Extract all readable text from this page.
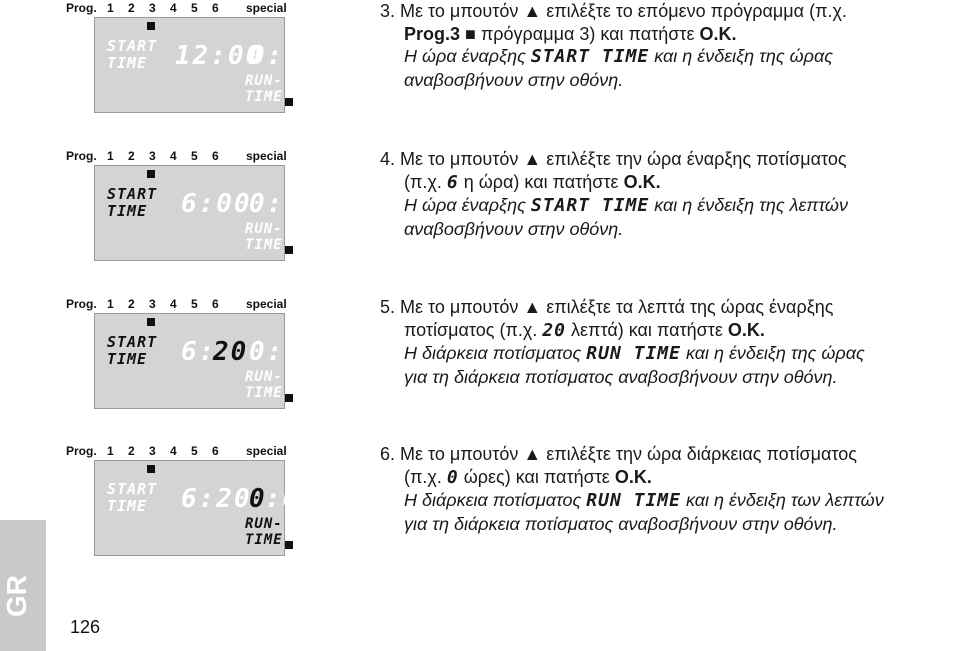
Prog. 1 2 3 4 5 6 special
START
TIME 12:00
0:00
RUN-TIME

3. Με το μπουτόν ▲ επιλέξτε το επόμενο πρόγραμμα (π.χ.

Prog.3 ■ πρόγραμμα 3) και πατήστε O.K.

Η ώρα έναρξης START TIME και η ένδειξη της ώρας

αναβοσβήνουν στην οθόνη.

Prog. 1 2 3 4 5 6 special
START
TIME 6:00
0:00
RUN-TIME

4. Με το μπουτόν ▲ επιλέξτε την ώρα έναρξης ποτίσματος

(π.χ. 6 η ώρα) και πατήστε O.K.

Η ώρα έναρξης START TIME και η ένδειξη της λεπτών

αναβοσβήνουν στην οθόνη.

Prog. 1 2 3 4 5 6 special
START
TIME 6:
20 0:00
RUN-TIME

5. Με το μπουτόν ▲ επιλέξτε τα λεπτά της ώρας έναρξης

ποτίσματος (π.χ. 20 λεπτά) και πατήστε O.K.

Η διάρκεια ποτίσματος RUN TIME και η ένδειξη της ώρας

για τη διάρκεια ποτίσματος αναβοσβήνουν στην οθόνη.

Prog. 1 2 3 4 5 6 special
START
TIME 6:20
0
:00
RUN-TIME

6. Με το μπουτόν ▲ επιλέξτε την ώρα διάρκειας ποτίσματος

(π.χ. 0 ώρες) και πατήστε O.K.

Η διάρκεια ποτίσματος RUN TIME και η ένδειξη των λεπτών

για τη διάρκεια ποτίσματος αναβοσβήνουν στην οθόνη.

GR
126
